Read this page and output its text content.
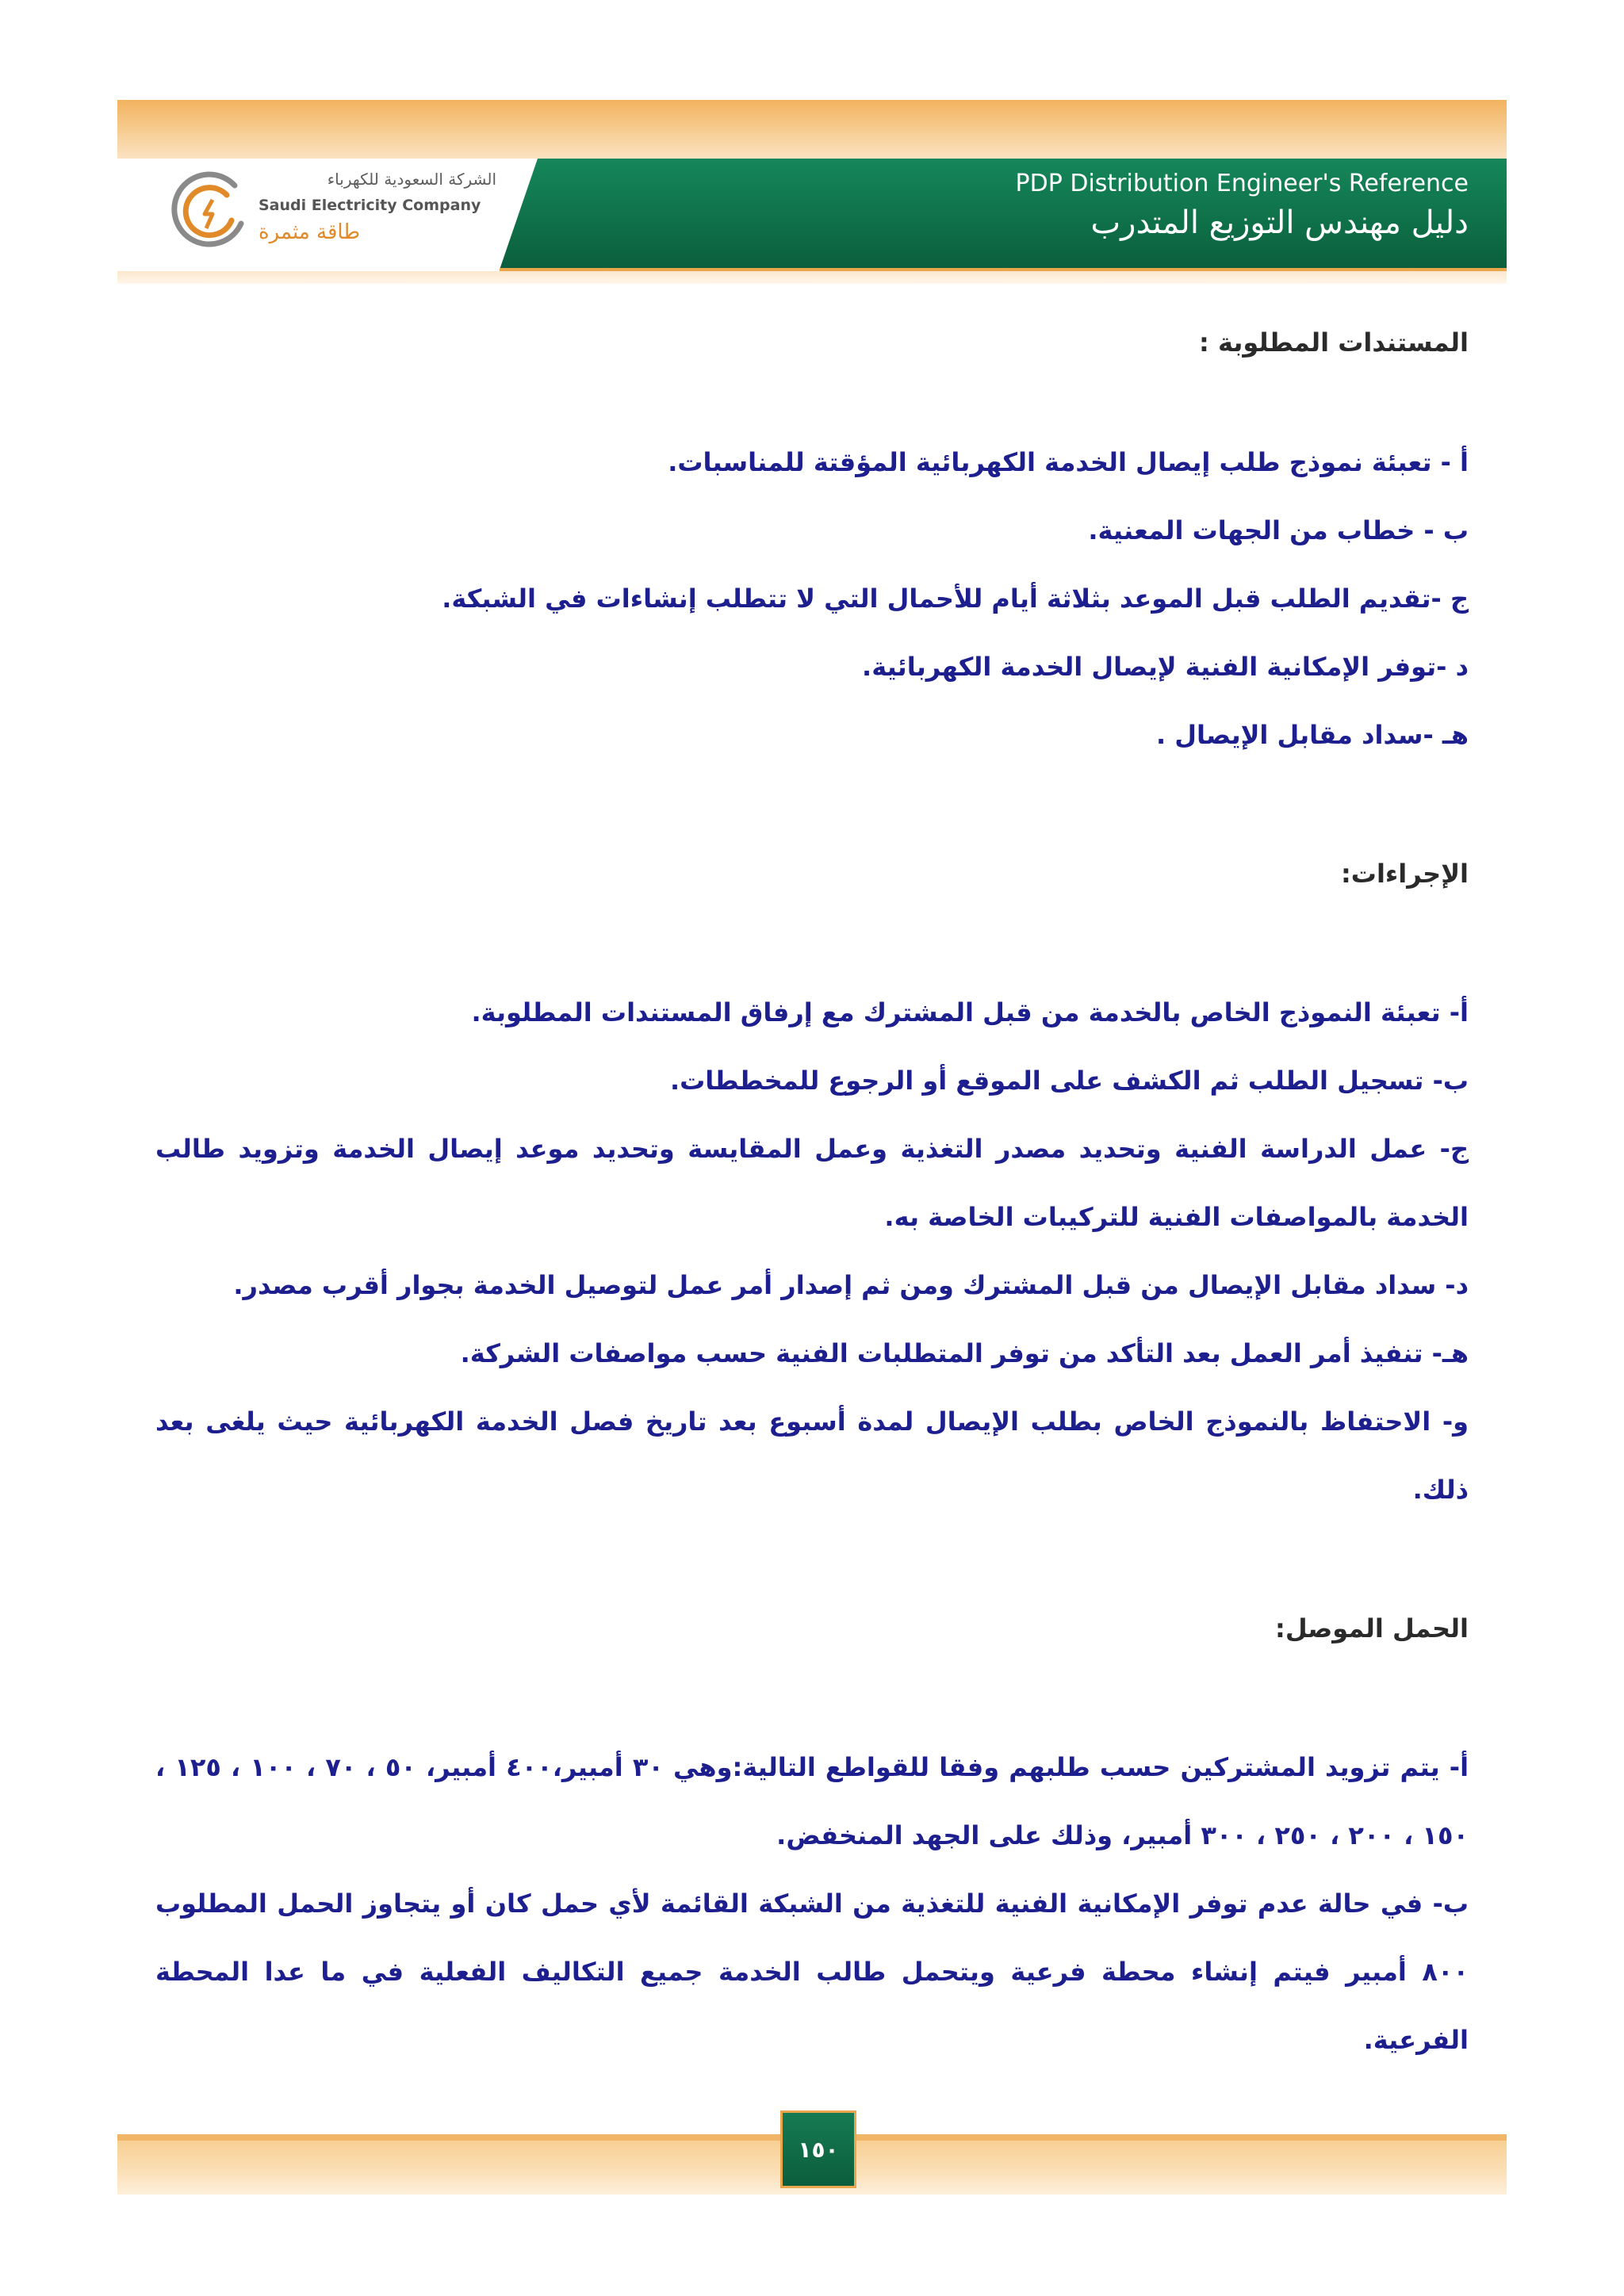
PDP Distribution Engineer's Reference
دليل مهندس التوزيع المتدرب
الشركة السعودية للكهرباء
Saudi Electricity Company
طاقة مثمرة

المستندات المطلوبة :

أ - تعبئة نموذج طلب إيصال الخدمة الكهربائية المؤقتة للمناسبات.

ب - خطاب من الجهات المعنية.

ج -تقديم الطلب قبل الموعد بثلاثة أيام للأحمال التي لا تتطلب إنشاءات في الشبكة.

د -توفر الإمكانية الفنية لإيصال الخدمة الكهربائية.

هـ -سداد مقابل الإيصال .

الإجراءات:

أ- تعبئة النموذج الخاص بالخدمة من قبل المشترك مع إرفاق المستندات المطلوبة.

ب- تسجيل الطلب ثم الكشف على الموقع أو الرجوع للمخططات.

ج- عمل الدراسة الفنية وتحديد مصدر التغذية وعمل المقايسة وتحديد موعد إيصال الخدمة وتزويد طالب الخدمة بالمواصفات الفنية للتركيبات الخاصة به.

د- سداد مقابل الإيصال من قبل المشترك ومن ثم إصدار أمر عمل لتوصيل الخدمة بجوار أقرب مصدر.

هـ- تنفيذ أمر العمل بعد التأكد من توفر المتطلبات الفنية حسب مواصفات الشركة.

و- الاحتفاظ بالنموذج الخاص بطلب الإيصال لمدة أسبوع بعد تاريخ فصل الخدمة الكهربائية حيث يلغى بعد ذلك.

الحمل الموصل:

أ- يتم تزويد المشتركين حسب طلبهم وفقا للقواطع التالية:وهي ٣٠ أمبير،٤٠٠ أمبير، ٥٠ ، ٧٠ ، ١٠٠ ، ١٢٥ ، ١٥٠ ، ٢٠٠ ، ٢٥٠ ، ٣٠٠ أمبير، وذلك على الجهد المنخفض.

ب- في حالة عدم توفر الإمكانية الفنية للتغذية من الشبكة القائمة لأي حمل كان أو يتجاوز الحمل المطلوب ٨٠٠ أمبير فيتم إنشاء محطة فرعية ويتحمل طالب الخدمة جميع التكاليف الفعلية في ما عدا المحطة الفرعية.

١٥٠
